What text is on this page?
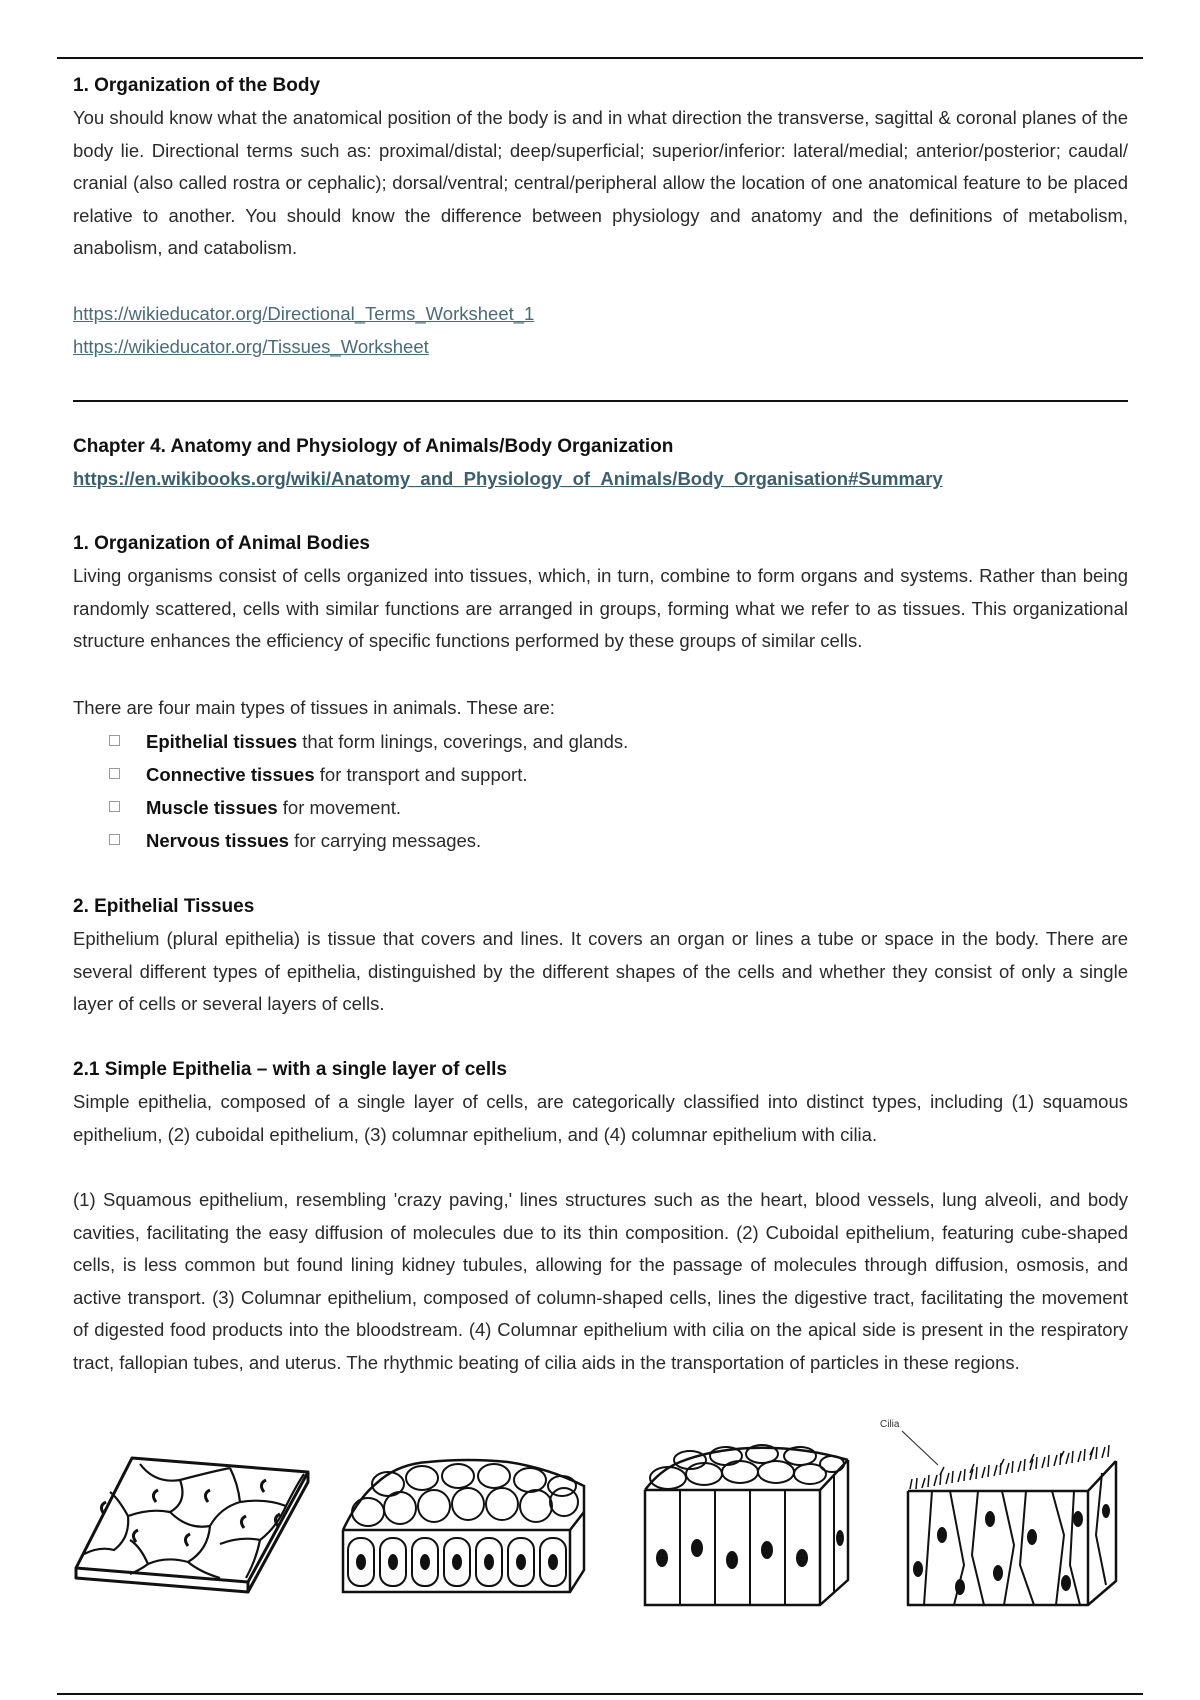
1. Organization of the Body

You should know what the anatomical position of the body is and in what direction the transverse, sagittal & coronal planes of the body lie. Directional terms such as: proximal/distal; deep/superficial; superior/inferior: lateral/medial; anterior/posterior; caudal/ cranial (also called rostra or cephalic); dorsal/ventral; central/peripheral allow the location of one anatomical feature to be placed relative to another. You should know the difference between physiology and anatomy and the definitions of metabolism, anabolism, and catabolism.

https://wikieducator.org/Directional_Terms_Worksheet_1
https://wikieducator.org/Tissues_Worksheet
Chapter 4. Anatomy and Physiology of Animals/Body Organization
https://en.wikibooks.org/wiki/Anatomy_and_Physiology_of_Animals/Body_Organisation#Summary
1. Organization of Animal Bodies

Living organisms consist of cells organized into tissues, which, in turn, combine to form organs and systems. Rather than being randomly scattered, cells with similar functions are arranged in groups, forming what we refer to as tissues. This organizational structure enhances the efficiency of specific functions performed by these groups of similar cells.

There are four main types of tissues in animals. These are:

Epithelial tissues that form linings, coverings, and glands.
Connective tissues for transport and support.
Muscle tissues for movement.
Nervous tissues for carrying messages.
2. Epithelial Tissues

Epithelium (plural epithelia) is tissue that covers and lines. It covers an organ or lines a tube or space in the body. There are several different types of epithelia, distinguished by the different shapes of the cells and whether they consist of only a single layer of cells or several layers of cells.

2.1 Simple Epithelia – with a single layer of cells

Simple epithelia, composed of a single layer of cells, are categorically classified into distinct types, including (1) squamous epithelium, (2) cuboidal epithelium, (3) columnar epithelium, and (4) columnar epithelium with cilia.

(1) Squamous epithelium, resembling 'crazy paving,' lines structures such as the heart, blood vessels, lung alveoli, and body cavities, facilitating the easy diffusion of molecules due to its thin composition. (2) Cuboidal epithelium, featuring cube-shaped cells, is less common but found lining kidney tubules, allowing for the passage of molecules through diffusion, osmosis, and active transport. (3) Columnar epithelium, composed of column-shaped cells, lines the digestive tract, facilitating the movement of digested food products into the bloodstream. (4) Columnar epithelium with cilia on the apical side is present in the respiratory tract, fallopian tubes, and uterus. The rhythmic beating of cilia aids in the transportation of particles in these regions.

Cilia
